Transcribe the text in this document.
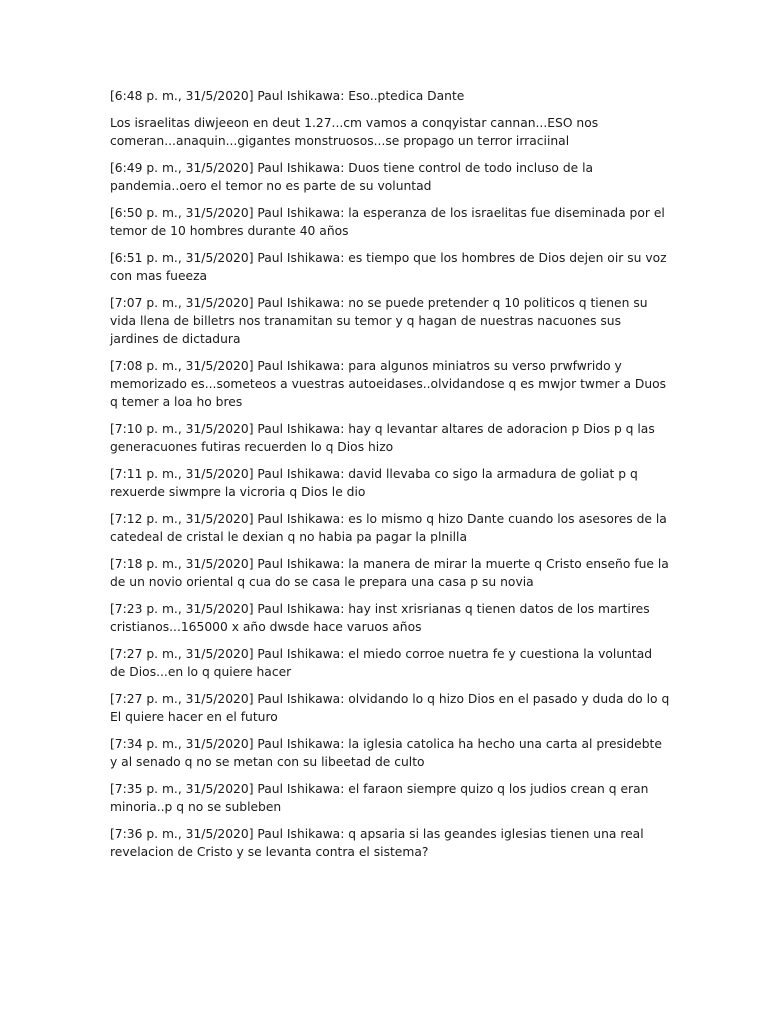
[6:48 p. m., 31/5/2020] Paul Ishikawa: Eso..ptedica Dante

Los israelitas diwjeeon en deut 1.27...cm vamos a conqyistar cannan...ESO nos comeran...anaquin...gigantes monstruosos...se propago un terror irraciinal

[6:49 p. m., 31/5/2020] Paul Ishikawa: Duos tiene control de todo incluso de la pandemia..oero el temor no es parte de su voluntad

[6:50 p. m., 31/5/2020] Paul Ishikawa: la esperanza de los israelitas fue diseminada por el temor de 10 hombres durante 40 años

[6:51 p. m., 31/5/2020] Paul Ishikawa: es tiempo que los hombres de Dios dejen oir su voz con mas fueeza

[7:07 p. m., 31/5/2020] Paul Ishikawa: no se puede pretender q 10 politicos q tienen su vida llena de billetrs nos tranamitan su temor y q hagan de nuestras nacuones sus jardines de dictadura

[7:08 p. m., 31/5/2020] Paul Ishikawa: para algunos miniatros su verso prwfwrido y memorizado es...someteos a vuestras autoeidases..olvidandose q es mwjor twmer a Duos q temer a loa ho bres

[7:10 p. m., 31/5/2020] Paul Ishikawa: hay q levantar altares de adoracion p Dios p q las generacuones futiras recuerden lo q Dios hizo

[7:11 p. m., 31/5/2020] Paul Ishikawa: david llevaba co sigo la armadura de goliat p q rexuerde siwmpre la vicroria q Dios le dio

[7:12 p. m., 31/5/2020] Paul Ishikawa: es lo mismo q hizo Dante cuando los asesores de la catedeal de cristal le dexian q no habia pa pagar la plnilla

[7:18 p. m., 31/5/2020] Paul Ishikawa: la manera de mirar la muerte q Cristo enseño fue la de un novio oriental q cua do se casa le prepara una casa p su novia

[7:23 p. m., 31/5/2020] Paul Ishikawa: hay inst xrisrianas q tienen datos de los martires cristianos...165000 x año dwsde hace varuos años

[7:27 p. m., 31/5/2020] Paul Ishikawa: el miedo corroe nuetra fe y cuestiona la voluntad de Dios...en lo q quiere hacer

[7:27 p. m., 31/5/2020] Paul Ishikawa: olvidando lo q hizo Dios en el pasado y duda do lo q El quiere hacer en el futuro

[7:34 p. m., 31/5/2020] Paul Ishikawa: la iglesia catolica ha hecho una carta al presidebte y al senado q no se metan con su libeetad de culto

[7:35 p. m., 31/5/2020] Paul Ishikawa: el faraon siempre quizo q los judios crean q eran minoria..p q no se subleben

[7:36 p. m., 31/5/2020] Paul Ishikawa: q apsaria si las geandes iglesias tienen una real revelacion de Cristo y se levanta contra el sistema?
